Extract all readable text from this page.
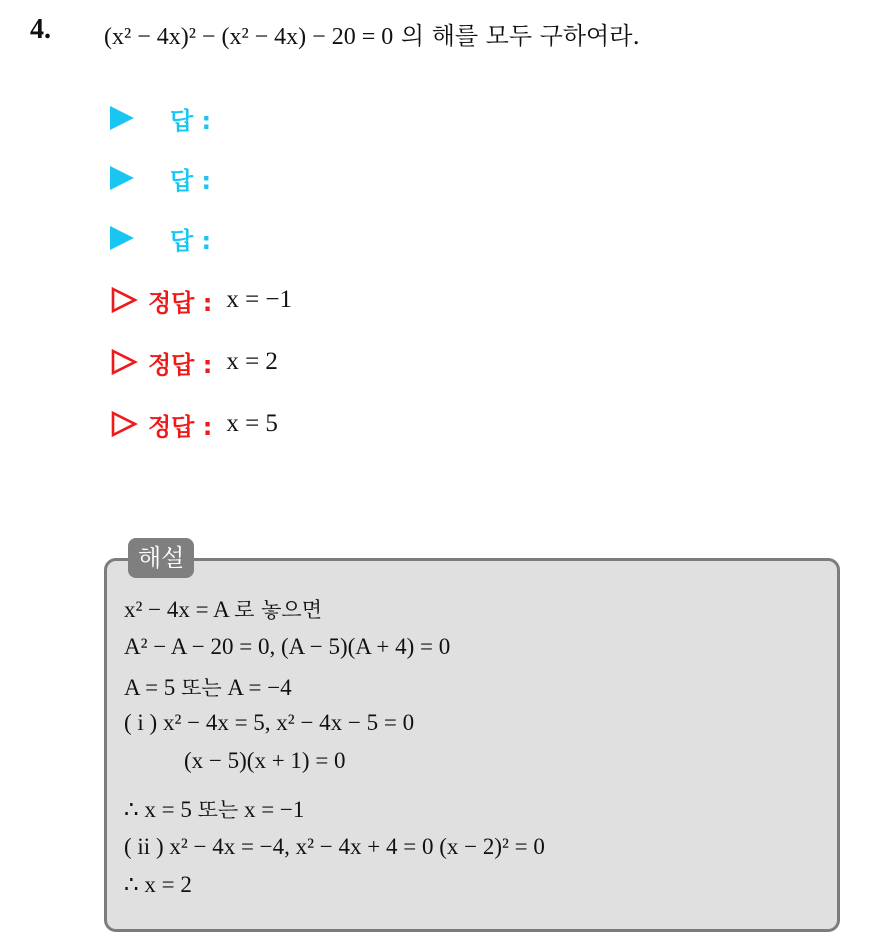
4. (x² − 4x)² − (x² − 4x) − 20 = 0 의 해를 모두 구하여라.
답 :
답 :
답 :
정답 : x = −1
정답 : x = 2
정답 : x = 5
해설
x² − 4x = A 로 놓으면
A² − A − 20 = 0, (A − 5)(A + 4) = 0
A = 5 또는 A = −4
( i ) x² − 4x = 5, x² − 4x − 5 = 0
(x − 5)(x + 1) = 0
∴ x = 5 또는 x = −1
( ii ) x² − 4x = −4, x² − 4x + 4 = 0 (x − 2)² = 0
∴ x = 2
